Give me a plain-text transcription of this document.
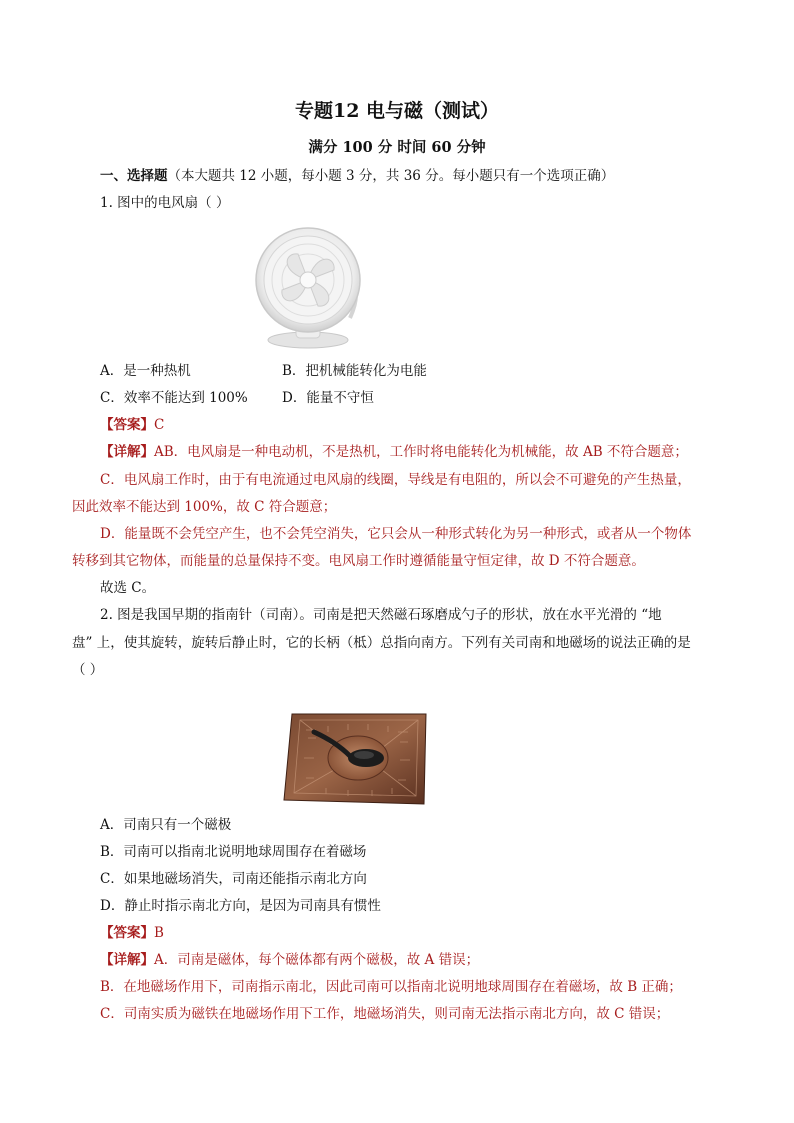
专题12 电与磁（测试）
满分 100 分 时间 60 分钟
一、选择题（本大题共 12 小题，每小题 3 分，共 36 分。每小题只有一个选项正确）
1. 图中的电风扇（ ）
A．是一种热机	B．把机械能转化为电能
C．效率不能达到 100%	D．能量不守恒
【答案】C
【详解】AB．电风扇是一种电动机，不是热机，工作时将电能转化为机械能，故 AB 不符合题意；
C．电风扇工作时，由于有电流通过电风扇的线圈，导线是有电阻的，所以会不可避免的产生热量，
因此效率不能达到 100%，故 C 符合题意；
D．能量既不会凭空产生，也不会凭空消失，它只会从一种形式转化为另一种形式，或者从一个物体
转移到其它物体，而能量的总量保持不变。电风扇工作时遵循能量守恒定律，故 D 不符合题意。
故选 C。
2. 图是我国早期的指南针（司南）。司南是把天然磁石琢磨成勺子的形状，放在水平光滑的 “地
盘” 上，使其旋转，旋转后静止时，它的长柄（柢）总指向南方。下列有关司南和地磁场的说法正确的是
（ ）
A．司南只有一个磁极
B．司南可以指南北说明地球周围存在着磁场
C．如果地磁场消失，司南还能指示南北方向
D．静止时指示南北方向，是因为司南具有惯性
【答案】B
【详解】A．司南是磁体，每个磁体都有两个磁极，故 A 错误；
B．在地磁场作用下，司南指示南北，因此司南可以指南北说明地球周围存在着磁场，故 B 正确；
C．司南实质为磁铁在地磁场作用下工作，地磁场消失，则司南无法指示南北方向，故 C 错误；
